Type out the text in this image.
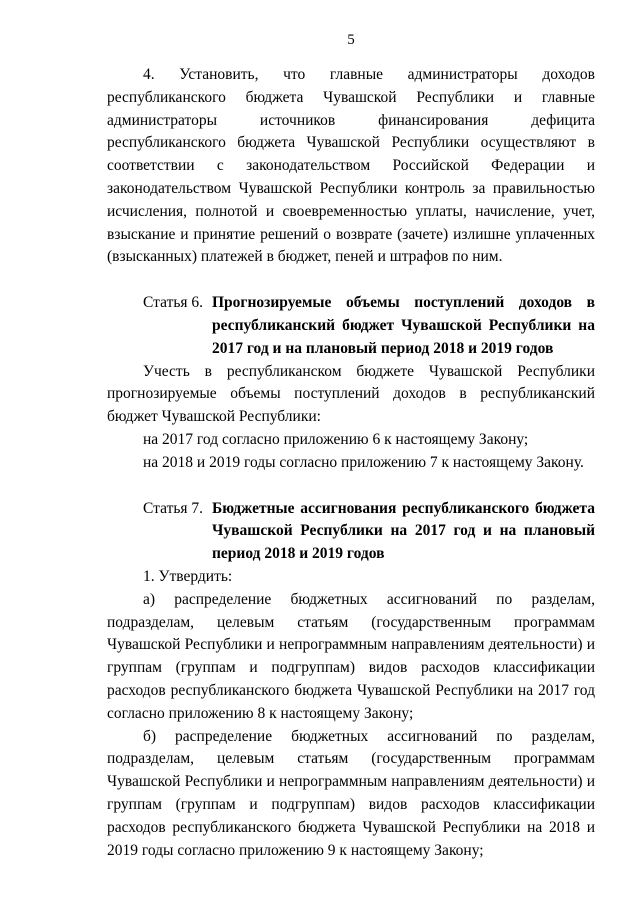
5

4. Установить, что главные администраторы доходов республиканского бюджета Чувашской Республики и главные администраторы источников финансирования дефицита республиканского бюджета Чувашской Республики осуществляют в соответствии с законодательством Российской Федерации и законодательством Чувашской Республики контроль за правильностью исчисления, полнотой и своевременностью уплаты, начисление, учет, взыскание и принятие решений о возврате (зачете) излишне уплаченных (взысканных) платежей в бюджет, пеней и штрафов по ним.

Статья 6. Прогнозируемые объемы поступлений доходов в республиканский бюджет Чувашской Республики на 2017 год и на плановый период 2018 и 2019 годов

Учесть в республиканском бюджете Чувашской Республики прогнозируемые объемы поступлений доходов в республиканский бюджет Чувашской Республики:

на 2017 год согласно приложению 6 к настоящему Закону;

на 2018 и 2019 годы согласно приложению 7 к настоящему Закону.

Статья 7. Бюджетные ассигнования республиканского бюджета Чувашской Республики на 2017 год и на плановый период 2018 и 2019 годов

1. Утвердить:

а) распределение бюджетных ассигнований по разделам, подразделам, целевым статьям (государственным программам Чувашской Республики и непрограммным направлениям деятельности) и группам (группам и подгруппам) видов расходов классификации расходов республиканского бюджета Чувашской Республики на 2017 год согласно приложению 8 к настоящему Закону;

б) распределение бюджетных ассигнований по разделам, подразделам, целевым статьям (государственным программам Чувашской Республики и непрограммным направлениям деятельности) и группам (группам и подгруппам) видов расходов классификации расходов республиканского бюджета Чувашской Республики на 2018 и 2019 годы согласно приложению 9 к настоящему Закону;
